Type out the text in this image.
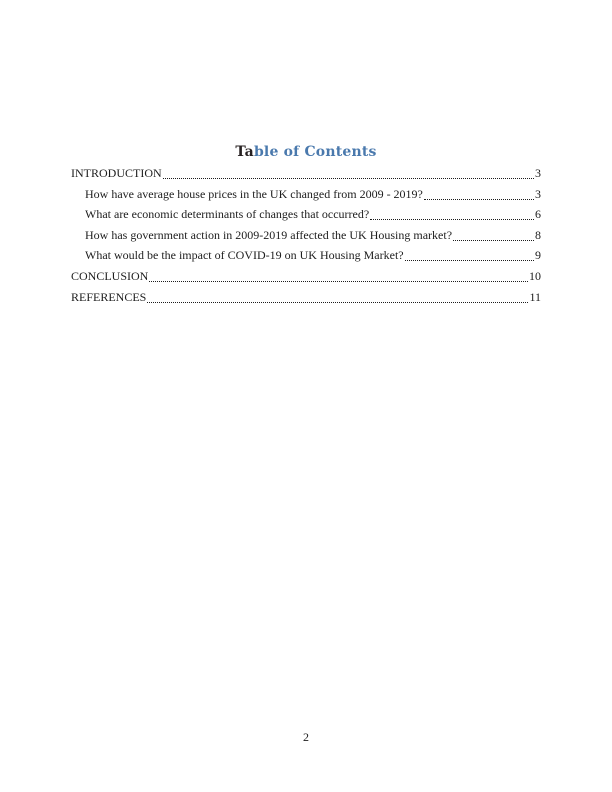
Table of Contents
INTRODUCTION	3
How have average house prices in the UK changed from 2009 - 2019?	3
What are economic determinants of changes that occurred?	6
How has government action in 2009-2019 affected the UK Housing market?	8
What would be the impact of COVID-19 on UK Housing Market?	9
CONCLUSION	10
REFERENCES	11
2
